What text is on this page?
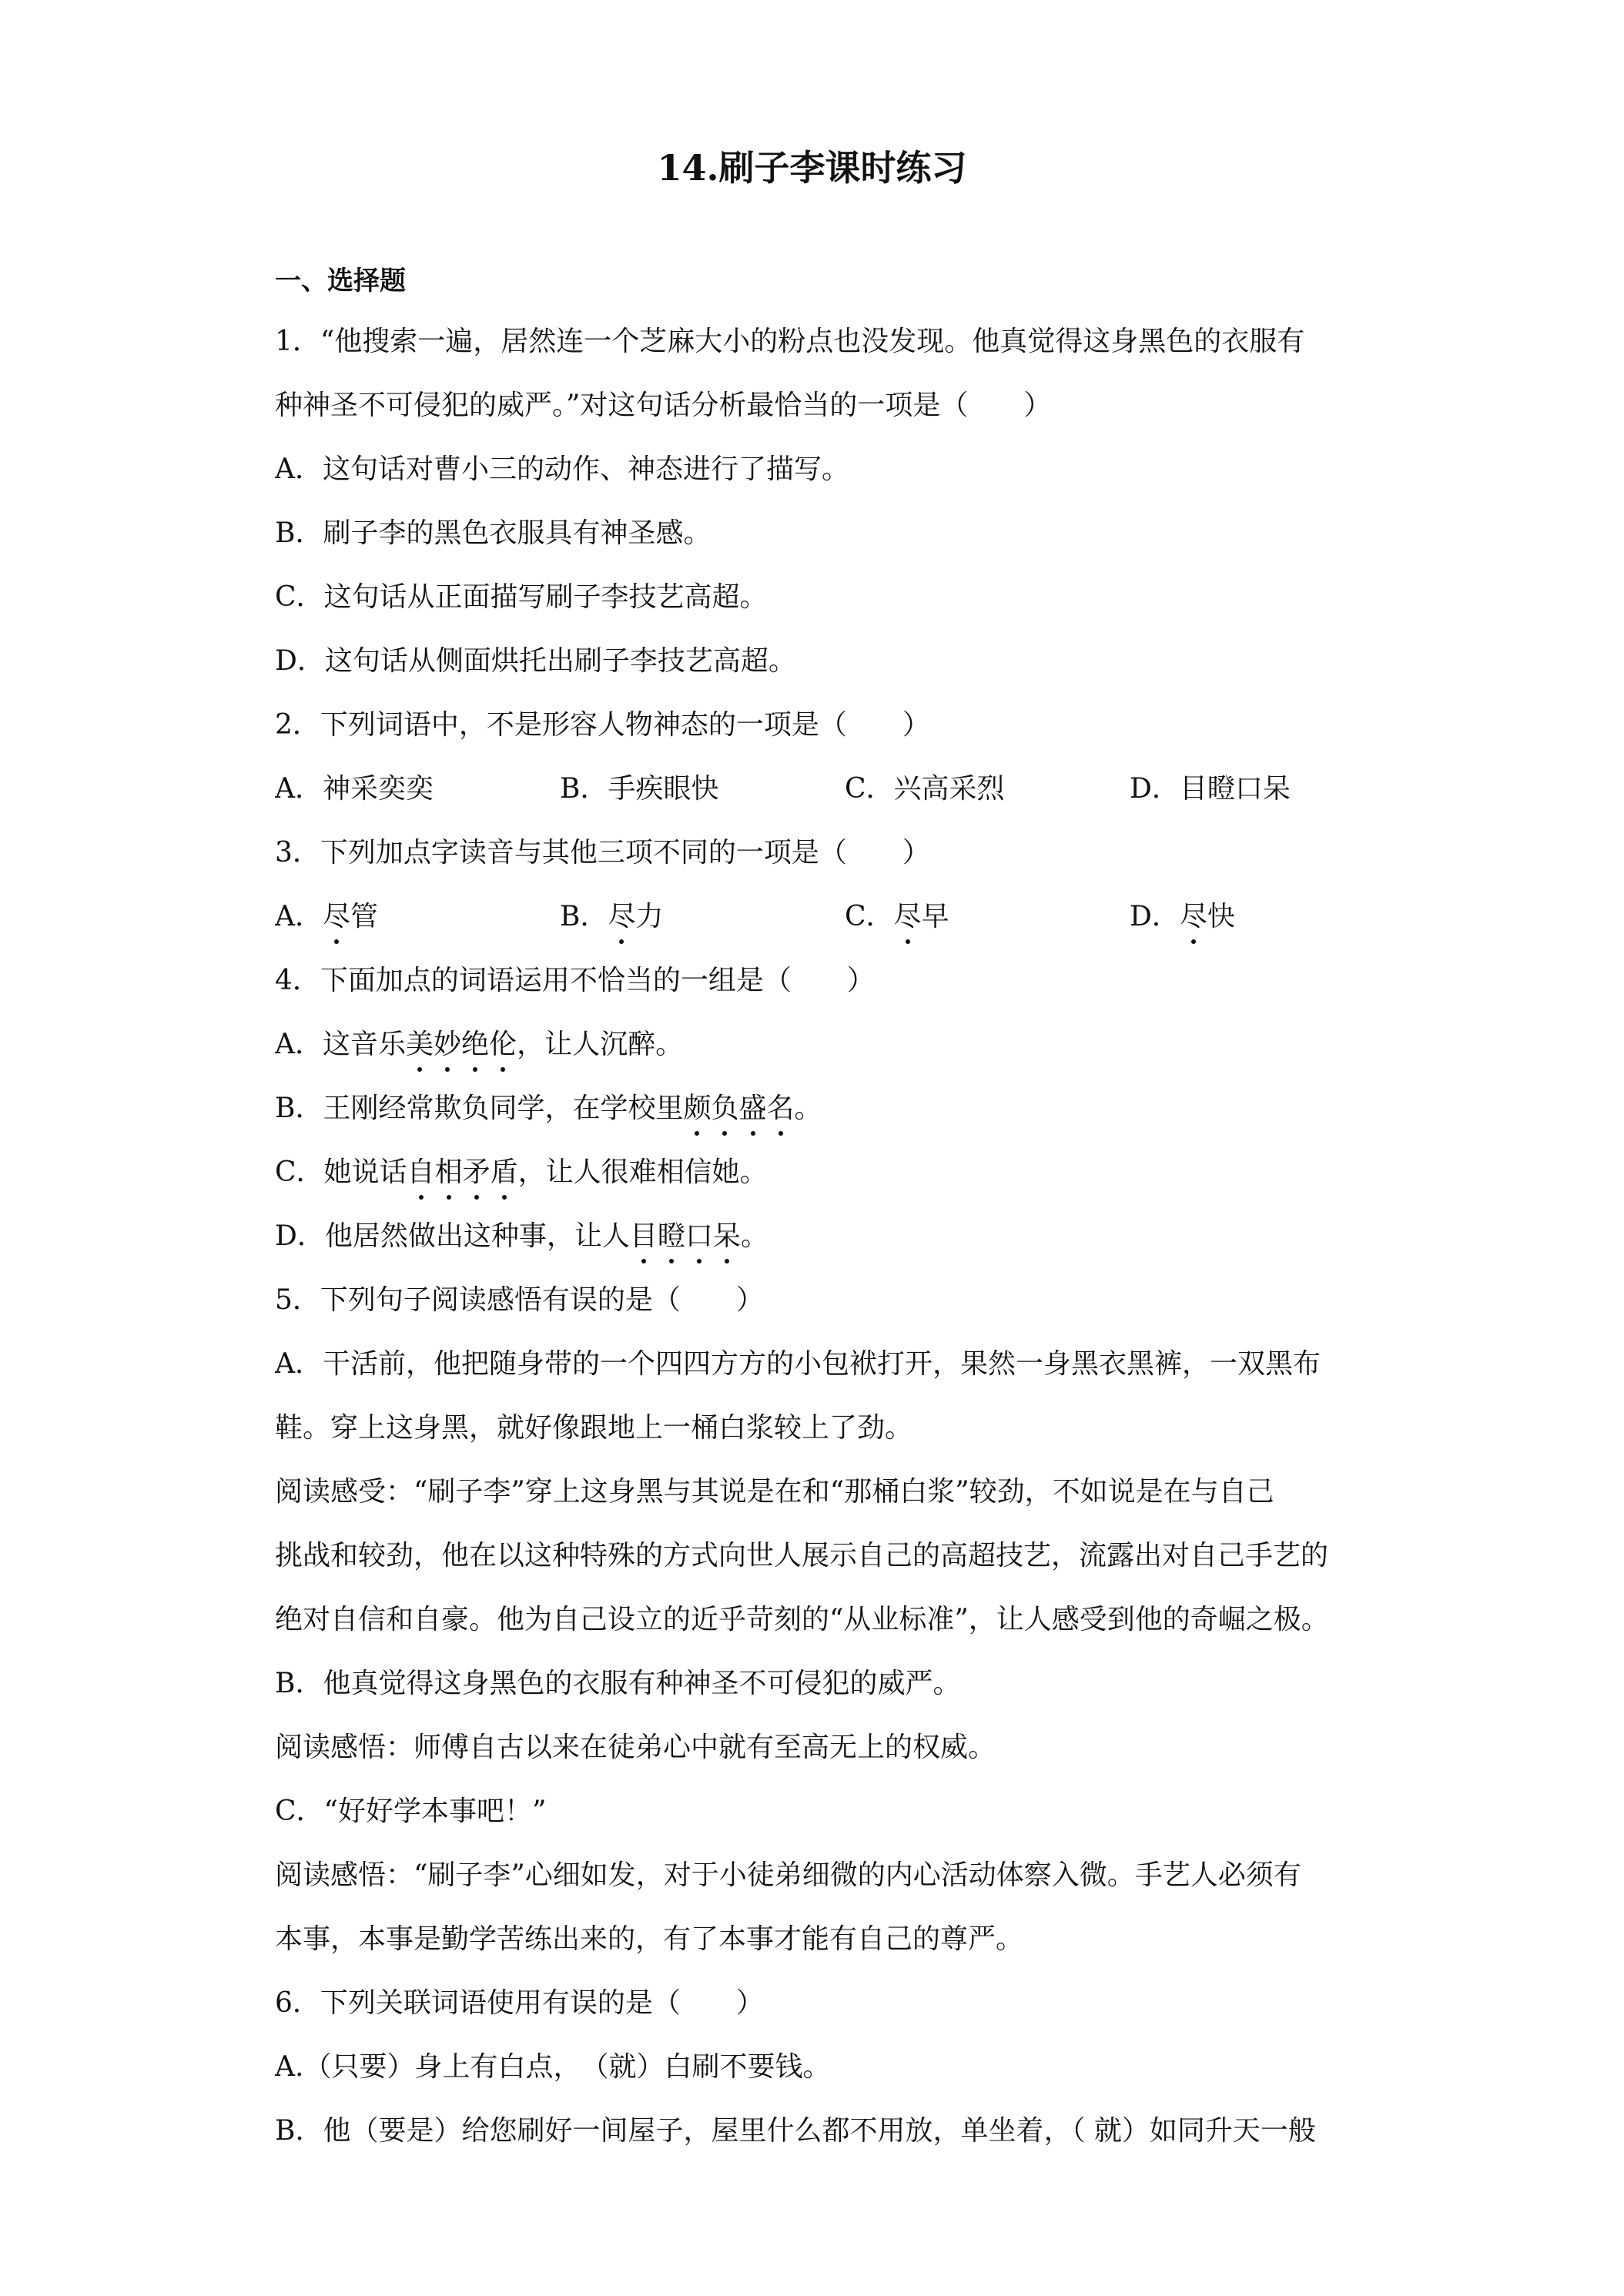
14.刷子李课时练习
一、选择题
1．“他搜索一遍，居然连一个芝麻大小的粉点也没发现。他真觉得这身黑色的衣服有
种神圣不可侵犯的威严。”对这句话分析最恰当的一项是（　　）
A．这句话对曹小三的动作、神态进行了描写。
B．刷子李的黑色衣服具有神圣感。
C．这句话从正面描写刷子李技艺高超。
D．这句话从侧面烘托出刷子李技艺高超。
2．下列词语中，不是形容人物神态的一项是（　　）
A．神采奕奕	B．手疾眼快	C．兴高采烈	D．目瞪口呆
3．下列加点字读音与其他三项不同的一项是（　　）
A．尽管	B．尽力	C．尽早	D．尽快
4．下面加点的词语运用不恰当的一组是（　　）
A．这音乐美妙绝伦，让人沉醉。
B．王刚经常欺负同学，在学校里颇负盛名。
C．她说话自相矛盾，让人很难相信她。
D．他居然做出这种事，让人目瞪口呆。
5．下列句子阅读感悟有误的是（　　）
A．干活前，他把随身带的一个四四方方的小包袱打开，果然一身黑衣黑裤，一双黑布
鞋。穿上这身黑，就好像跟地上一桶白浆较上了劲。
阅读感受：“刷子李”穿上这身黑与其说是在和“那桶白浆”较劲，不如说是在与自己
挑战和较劲，他在以这种特殊的方式向世人展示自己的高超技艺，流露出对自己手艺的
绝对自信和自豪。他为自己设立的近乎苛刻的“从业标准”，让人感受到他的奇崛之极。
B．他真觉得这身黑色的衣服有种神圣不可侵犯的威严。
阅读感悟：师傅自古以来在徒弟心中就有至高无上的权威。
C．“好好学本事吧！”
阅读感悟：“刷子李”心细如发，对于小徒弟细微的内心活动体察入微。手艺人必须有
本事，本事是勤学苦练出来的，有了本事才能有自己的尊严。
6．下列关联词语使用有误的是（　　）
A.（只要）身上有白点，　（就）白刷不要钱。
B．他（要是）给您刷好一间屋子，屋里什么都不用放，单坐着，（ 就）如同升天一般
